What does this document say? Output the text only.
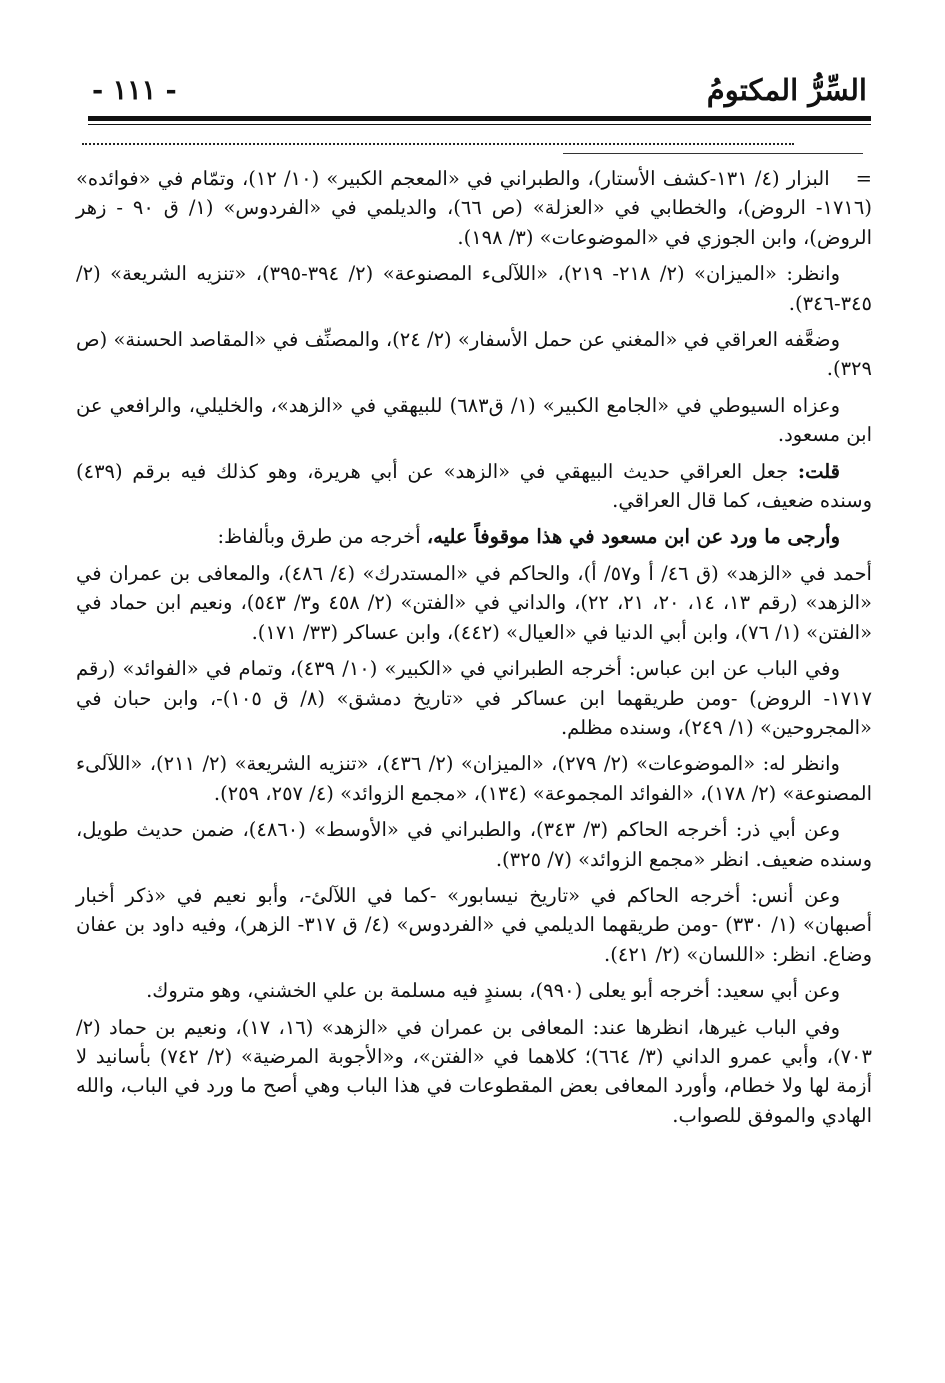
السِّرُّ المكتومُ
- ١١١ -

=البزار (٤/ ١٣١-كشف الأستار)، والطبراني في «المعجم الكبير» (١٠/ ١٢)، وتمّام في «فوائده» (١٧١٦- الروض)، والخطابي في «العزلة» (ص ٦٦)، والديلمي في «الفردوس» (١/ ق ٩٠ - زهر الروض)، وابن الجوزي في «الموضوعات» (٣/ ١٩٨).

وانظر: «الميزان» (٢/ ٢١٨- ٢١٩)، «اللآلىء المصنوعة» (٢/ ٣٩٤-٣٩٥)، «تنزيه الشريعة» (٢/ ٣٤٥-٣٤٦).

وضعَّفه العراقي في «المغني عن حمل الأسفار» (٢/ ٢٤)، والمصنِّف في «المقاصد الحسنة» (ص ٣٢٩).

وعزاه السيوطي في «الجامع الكبير» (١/ ق٦٨٣) للبيهقي في «الزهد»، والخليلي، والرافعي عن ابن مسعود.

قلت: جعل العراقي حديث البيهقي في «الزهد» عن أبي هريرة، وهو كذلك فيه برقم (٤٣٩) وسنده ضعيف، كما قال العراقي.

وأرجى ما ورد عن ابن مسعود في هذا موقوفاً عليه، أخرجه من طرق وبألفاظ:

أحمد في «الزهد» (ق ٤٦/ أ و٥٧/ أ)، والحاكم في «المستدرك» (٤/ ٤٨٦)، والمعافى بن عمران في «الزهد» (رقم ١٣، ١٤، ٢٠، ٢١، ٢٢)، والداني في «الفتن» (٢/ ٤٥٨ و٣/ ٥٤٣)، ونعيم ابن حماد في «الفتن» (١/ ٧٦)، وابن أبي الدنيا في «العيال» (٤٤٢)، وابن عساكر (٣٣/ ١٧١).

وفي الباب عن ابن عباس: أخرجه الطبراني في «الكبير» (١٠/ ٤٣٩)، وتمام في «الفوائد» (رقم ١٧١٧- الروض) -ومن طريقهما ابن عساكر في «تاريخ دمشق» (٨/ ق ١٠٥)-، وابن حبان في «المجروحين» (١/ ٢٤٩)، وسنده مظلم.

وانظر له: «الموضوعات» (٢/ ٢٧٩)، «الميزان» (٢/ ٤٣٦)، «تنزيه الشريعة» (٢/ ٢١١)، «اللآلىء المصنوعة» (٢/ ١٧٨)، «الفوائد المجموعة» (١٣٤)، «مجمع الزوائد» (٤/ ٢٥٧، ٢٥٩).

وعن أبي ذر: أخرجه الحاكم (٣/ ٣٤٣)، والطبراني في «الأوسط» (٤٨٦٠)، ضمن حديث طويل، وسنده ضعيف. انظر «مجمع الزوائد» (٧/ ٣٢٥).

وعن أنس: أخرجه الحاكم في «تاريخ نيسابور» -كما في اللآلئ-، وأبو نعيم في «ذكر أخبار أصبهان» (١/ ٣٣٠) -ومن طريقهما الديلمي في «الفردوس» (٤/ ق ٣١٧- الزهر)، وفيه داود بن عفان وضاع. انظر: «اللسان» (٢/ ٤٢١).

وعن أبي سعيد: أخرجه أبو يعلى (٩٩٠)، بسندٍ فيه مسلمة بن علي الخشني، وهو متروك.

وفي الباب غيرها، انظرها عند: المعافى بن عمران في «الزهد» (١٦، ١٧)، ونعيم بن حماد (٢/ ٧٠٣)، وأبي عمرو الداني (٣/ ٦٦٤)؛ كلاهما في «الفتن»، و«الأجوبة المرضية» (٢/ ٧٤٢) بأسانيد لا أزمة لها ولا خطام، وأورد المعافى بعض المقطوعات في هذا الباب وهي أصح ما ورد في الباب، والله الهادي والموفق للصواب.
